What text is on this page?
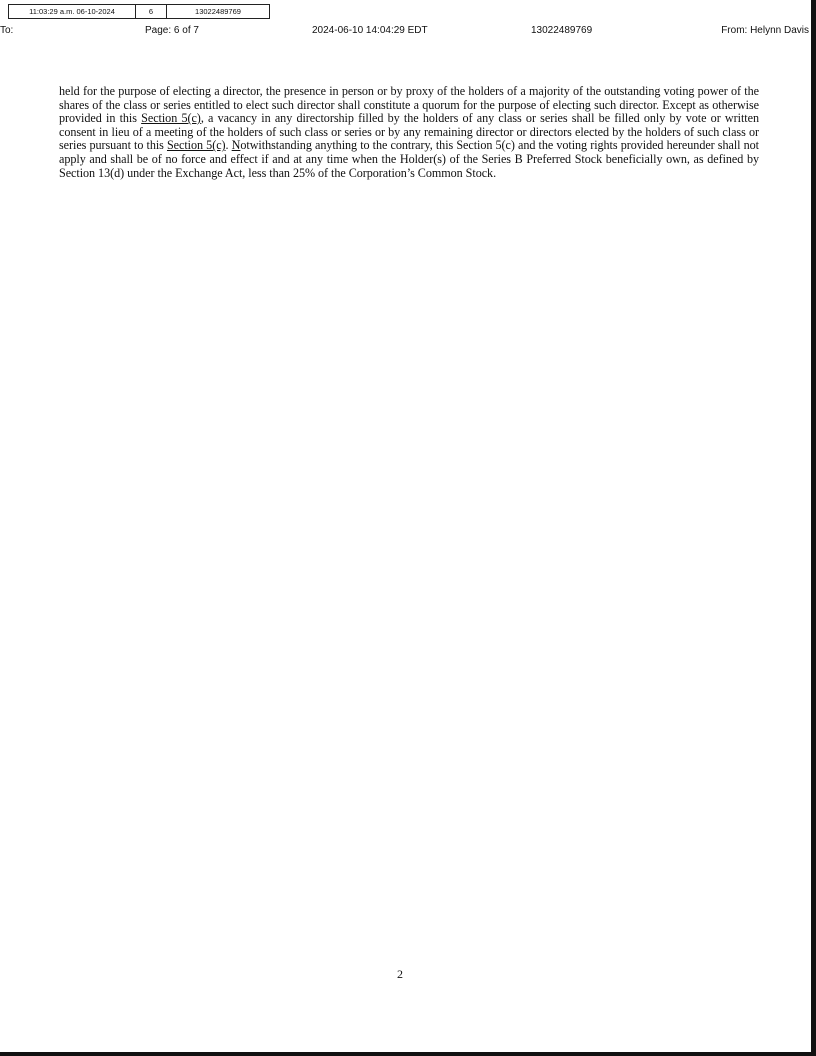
11:03:29 a.m. 06-10-2024	6	13022489769
To:	Page: 6 of 7	2024-06-10 14:04:29 EDT	13022489769	From: Helynn Davis

held for the purpose of electing a director, the presence in person or by proxy of the holders of a majority of the outstanding voting power of the shares of the class or series entitled to elect such director shall constitute a quorum for the purpose of electing such director. Except as otherwise provided in this Section 5(c), a vacancy in any directorship filled by the holders of any class or series shall be filled only by vote or written consent in lieu of a meeting of the holders of such class or series or by any remaining director or directors elected by the holders of such class or series pursuant to this Section 5(c). Notwithstanding anything to the contrary, this Section 5(c) and the voting rights provided hereunder shall not apply and shall be of no force and effect if and at any time when the Holder(s) of the Series B Preferred Stock beneficially own, as defined by Section 13(d) under the Exchange Act, less than 25% of the Corporation’s Common Stock.

2
